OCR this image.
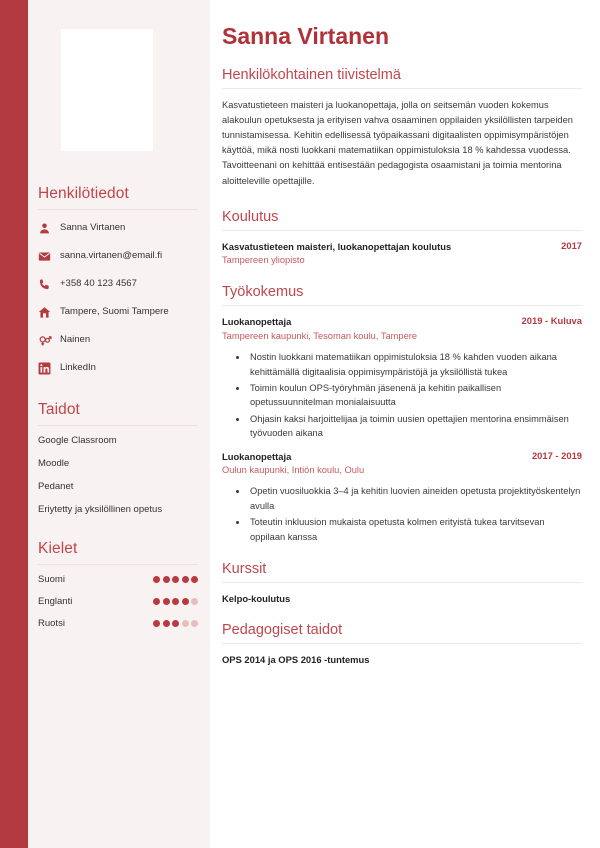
Henkilötiedot
Sanna Virtanen
sanna.virtanen@email.fi
+358 40 123 4567
Tampere, Suomi Tampere
Nainen
LinkedIn
Taidot
Google Classroom
Moodle
Pedanet
Eriytetty ja yksilöllinen opetus
Kielet
Suomi
Englanti
Ruotsi
Sanna Virtanen
Henkilökohtainen tiivistelmä

Kasvatustieteen maisteri ja luokanopettaja, jolla on seitsemän vuoden kokemus alakoulun opetuksesta ja erityisen vahva osaaminen oppilaiden yksilöllisten tarpeiden tunnistamisessa. Kehitin edellisessä työpaikassani digitaalisten oppimisympäristöjen käyttöä, mikä nosti luokkani matematiikan oppimistuloksia 18 % kahdessa vuodessa. Tavoitteenani on kehittää entisestään pedagogista osaamistani ja toimia mentorina aloitteleville opettajille.

Koulutus
Kasvatustieteen maisteri, luokanopettajan koulutus	2017
Tampereen yliopisto
Työkokemus
Luokanopettaja	2019 - Kuluva
Tampereen kaupunki, Tesoman koulu, Tampere
• Nostin luokkani matematiikan oppimistuloksia 18 % kahden vuoden aikana kehittämällä digitaalisia oppimisympäristöjä ja yksilöllistä tukea
• Toimin koulun OPS-työryhmän jäsenenä ja kehitin paikallisen opetussuunnitelman monialaisuutta
• Ohjasin kaksi harjoittelijaa ja toimin uusien opettajien mentorina ensimmäisen työvuoden aikana
Luokanopettaja	2017 - 2019
Oulun kaupunki, Intiön koulu, Oulu
• Opetin vuosiluokkia 3–4 ja kehitin luovien aineiden opetusta projektityöskentelyn avulla
• Toteutin inkluusion mukaista opetusta kolmen erityistä tukea tarvitsevan oppilaan kanssa
Kurssit
Kelpo-koulutus
Pedagogiset taidot
OPS 2014 ja OPS 2016 -tuntemus
